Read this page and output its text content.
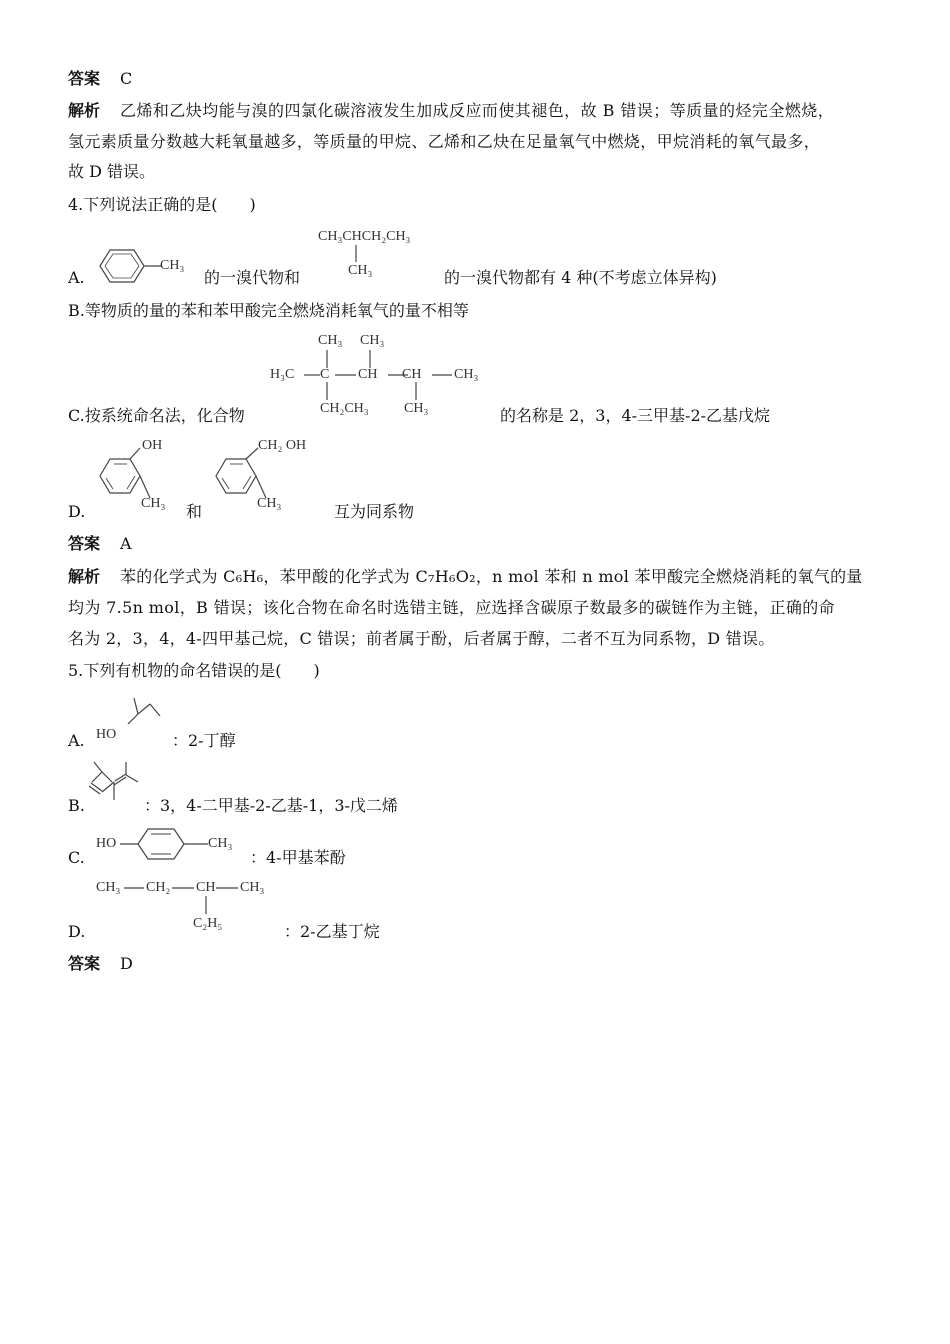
答案 C
解析 乙烯和乙炔均能与溴的四氯化碳溶液发生加成反应而使其褪色，故 B 错误；等质量的烃完全燃烧，
氢元素质量分数越大耗氧量越多，等质量的甲烷、乙烯和乙炔在足量氧气中燃烧，甲烷消耗的氧气最多，
故 D 错误。
4.下列说法正确的是(　　)
A.
CH₃
的一溴代物和
CH₃CHCH₂CH₃
CH₃	的一溴代物都有 4 种(不考虑立体异构)
B.等物质的量的苯和苯甲酸完全燃烧消耗氧气的量不相等
C.按系统命名法，化合物
CH₃ CH₃
H₃C C CH CH CH₃
CH₂CH₃	CH₃	的名称是 2，3，4-三甲基-2-乙基戊烷
D.
OH
CH₃ 和
CH₂ OH
CH₃	互为同系物
答案 A
解析 苯的化学式为 C₆H₆，苯甲酸的化学式为 C₇H₆O₂，n mol 苯和 n mol 苯甲酸完全燃烧消耗的氧气的量
均为 7.5n mol，B 错误；该化合物在命名时选错主链，应选择含碳原子数最多的碳链作为主链，正确的命
名为 2，3，4，4-四甲基己烷，C 错误；前者属于酚，后者属于醇，二者不互为同系物，D 错误。
5.下列有机物的命名错误的是(　　)
A. HO	：2-丁醇
B.	：3，4-二甲基-2-乙基-1，3-戊二烯
C.
HO	CH₃
：4-甲基苯酚
D.
CH₃ CH₂ CH CH₃
C₂H₅	：2-乙基丁烷
答案 D
